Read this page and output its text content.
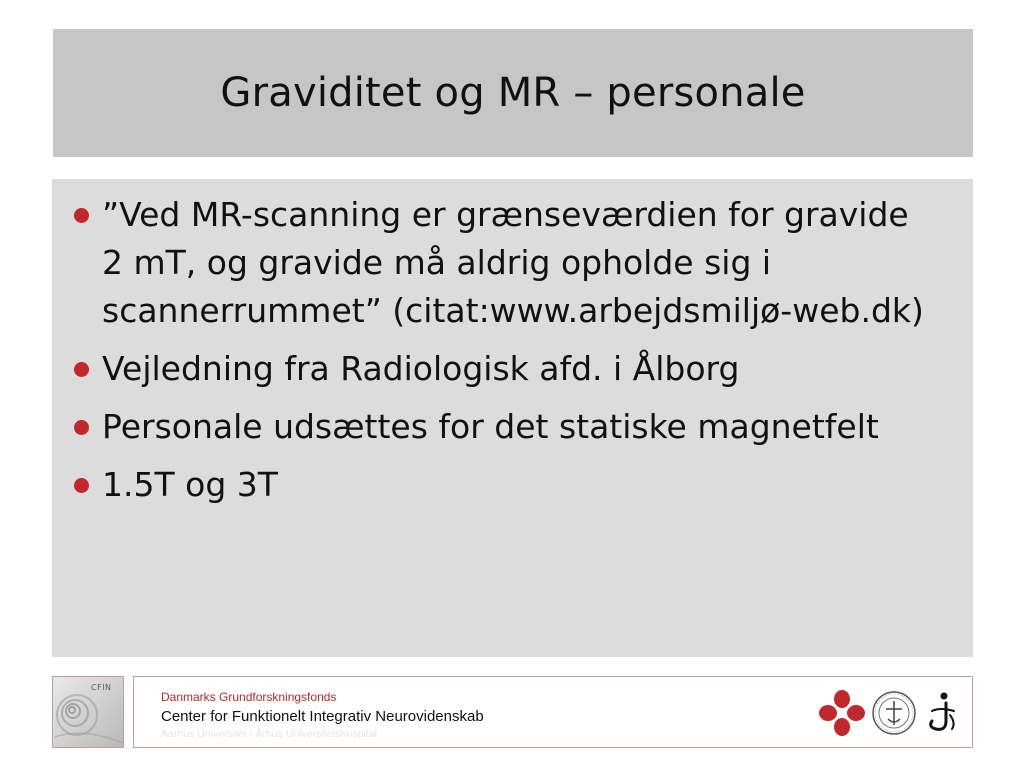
Graviditet og MR – personale
”Ved MR-scanning er grænseværdien for gravide 2 mT, og gravide må aldrig opholde sig i scannerrummet” (citat:www.arbejdsmiljø-web.dk)
Vejledning fra Radiologisk afd. i Ålborg
Personale udsættes for det statiske magnetfelt
1.5T og 3T
CFIN
Danmarks Grundforskningsfonds
Center for Funktionelt Integrativ Neurovidenskab
Aarhus Universitet / Århus Universitetshospital
